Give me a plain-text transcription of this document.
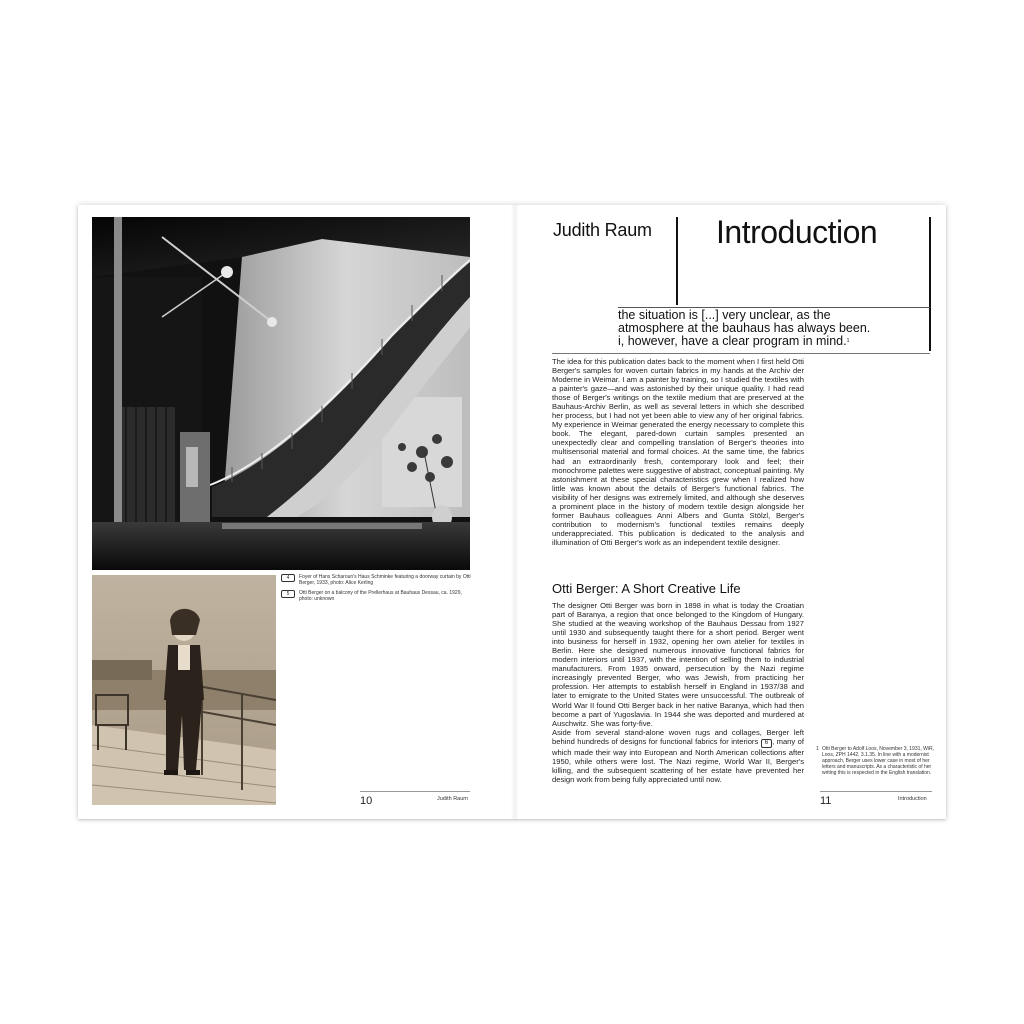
4	Foyer of Hans Scharoun's Haus Schminke featuring a doorway curtain by Otti Berger, 1933, photo: Alice Kerling
5	Otti Berger on a balcony of the Prellerhaus at Bauhaus Dessau, ca. 1929, photo: unknown
10	Judith Raum
Judith Raum Introduction
the situation is [...] very unclear, as the
atmosphere at the bauhaus has always been.
i, however, have a clear program in mind.$^1$
The idea for this publication dates back to the moment when I first held Otti Berger's samples for woven curtain fabrics in my hands at the Archiv der Moderne in Weimar. I am a painter by training, so I studied the textiles with a painter's gaze—and was astonished by their unique quality. I had read those of Berger's writings on the textile medium that are preserved at the Bauhaus-Archiv Berlin, as well as several letters in which she described her process, but I had not yet been able to view any of her original fabrics. My experience in Weimar generated the energy necessary to complete this book. The elegant, pared-down curtain samples presented an unexpectedly clear and compelling translation of Berger's theories into multisensorial material and formal choices. At the same time, the fabrics had an extraordinarily fresh, contemporary look and feel; their monochrome palettes were suggestive of abstract, conceptual painting. My astonishment at these special characteristics grew when I realized how little was known about the details of Berger's functional fabrics. The visibility of her designs was extremely limited, and although she deserves a prominent place in the history of modern textile design alongside her former Bauhaus colleagues Anni Albers and Gunta Stölzl, Berger's contribution to modernism's functional textiles remains deeply underappreciated. This publication is dedicated to the analysis and illumination of Otti Berger's work as an independent textile designer.
Otti Berger: A Short Creative Life
The designer Otti Berger was born in 1898 in what is today the Croatian part of Baranya, a region that once belonged to the Kingdom of Hungary. She studied at the weaving workshop of the Bauhaus Dessau from 1927 until 1930 and subsequently taught there for a short period. Berger went into business for herself in 1932, opening her own atelier for textiles in Berlin. Here she designed numerous innovative functional fabrics for modern interiors until 1937, with the intention of selling them to industrial manufacturers. From 1935 onward, persecution by the Nazi regime increasingly prevented Berger, who was Jewish, from practicing her profession. Her attempts to establish herself in England in 1937/38 and later to emigrate to the United States were unsuccessful. The outbreak of World War II found Otti Berger back in her native Baranya, which had then become a part of Yugoslavia. In 1944 she was deported and murdered at Auschwitz. She was forty-five.
Aside from several stand-alone woven rugs and collages, Berger left behind hundreds of designs for functional fabrics for interiors 6 , many of which made their way into European and North American collections after 1950, while others were lost. The Nazi regime, World War II, Berger's killing, and the subsequent scattering of her estate have prevented her design work from being fully appreciated until now.
1 Otti Berger to Adolf Loos, November 3, 1931, WiR, Loos, ZPH 1442, 3.1.35. In line with a modernist approach, Berger uses lower case in most of her letters and manuscripts. As a characteristic of her writing this is respected in the English translation.
11	Introduction
